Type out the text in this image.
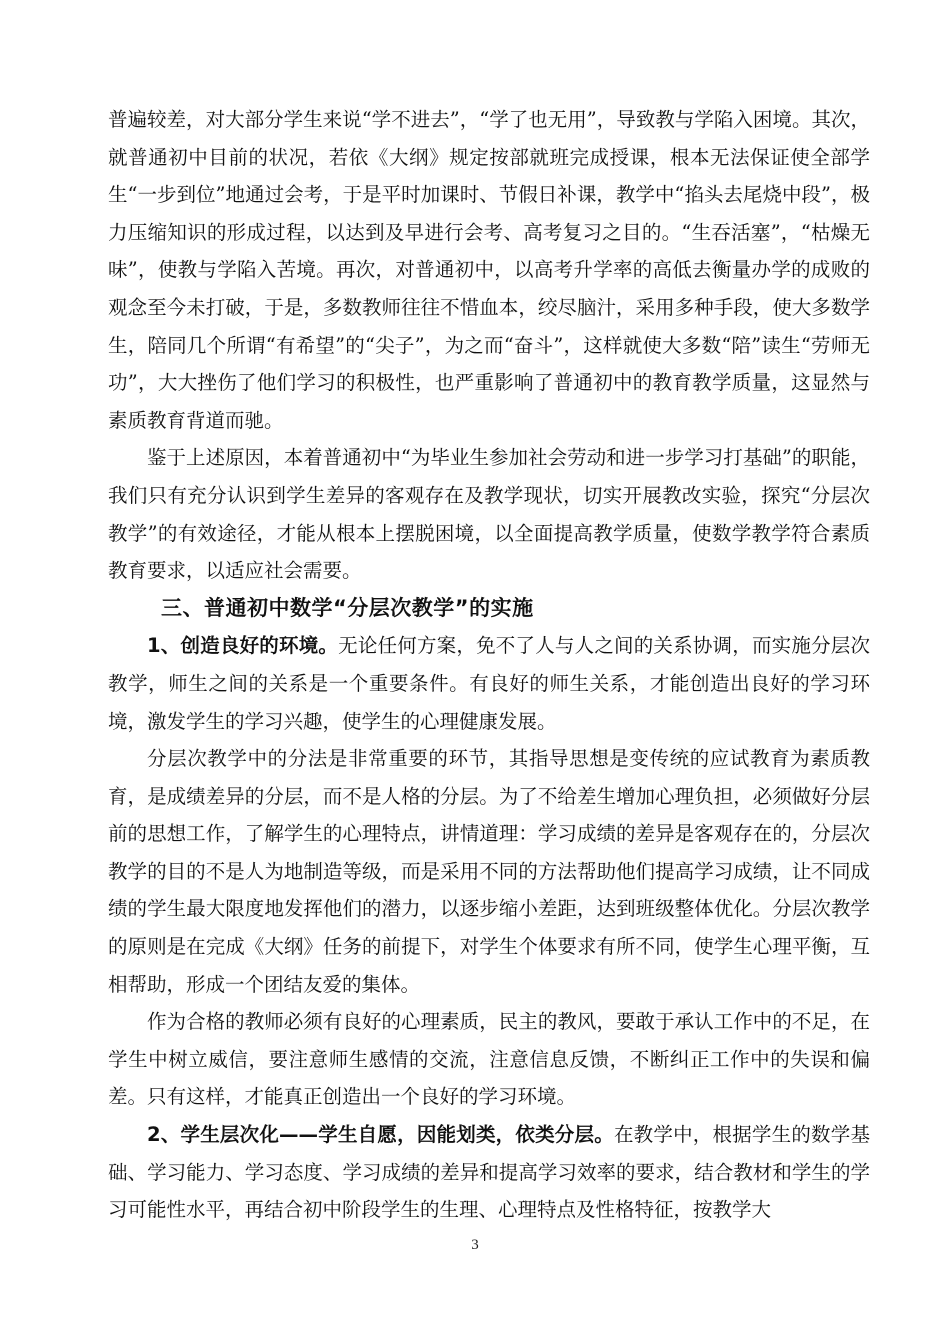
普遍较差，对大部分学生来说“学不进去”，“学了也无用”，导致教与学陷入困境。其次，就普通初中目前的状况，若依《大纲》规定按部就班完成授课，根本无法保证使全部学生“一步到位”地通过会考，于是平时加课时、节假日补课，教学中“掐头去尾烧中段”，极力压缩知识的形成过程，以达到及早进行会考、高考复习之目的。“生吞活塞”，“枯燥无味”，使教与学陷入苦境。再次，对普通初中，以高考升学率的高低去衡量办学的成败的观念至今未打破，于是，多数教师往往不惜血本，绞尽脑汁，采用多种手段，使大多数学生，陪同几个所谓“有希望”的“尖子”，为之而“奋斗”，这样就使大多数“陪”读生“劳师无功”，大大挫伤了他们学习的积极性，也严重影响了普通初中的教育教学质量，这显然与素质教育背道而驰。

鉴于上述原因，本着普通初中“为毕业生参加社会劳动和进一步学习打基础”的职能，我们只有充分认识到学生差异的客观存在及教学现状，切实开展教改实验，探究“分层次教学”的有效途径，才能从根本上摆脱困境，以全面提高教学质量，使数学教学符合素质教育要求，以适应社会需要。

三、普通初中数学“分层次教学”的实施

1、创造良好的环境。无论任何方案，免不了人与人之间的关系协调，而实施分层次教学，师生之间的关系是一个重要条件。有良好的师生关系，才能创造出良好的学习环境，激发学生的学习兴趣，使学生的心理健康发展。

分层次教学中的分法是非常重要的环节，其指导思想是变传统的应试教育为素质教育，是成绩差异的分层，而不是人格的分层。为了不给差生增加心理负担，必须做好分层前的思想工作，了解学生的心理特点，讲情道理：学习成绩的差异是客观存在的，分层次教学的目的不是人为地制造等级，而是采用不同的方法帮助他们提高学习成绩，让不同成绩的学生最大限度地发挥他们的潜力，以逐步缩小差距，达到班级整体优化。分层次教学的原则是在完成《大纲》任务的前提下，对学生个体要求有所不同，使学生心理平衡，互相帮助，形成一个团结友爱的集体。

作为合格的教师必须有良好的心理素质，民主的教风，要敢于承认工作中的不足，在学生中树立威信，要注意师生感情的交流，注意信息反馈，不断纠正工作中的失误和偏差。只有这样，才能真正创造出一个良好的学习环境。

2、学生层次化——学生自愿，因能划类，依类分层。在教学中，根据学生的数学基础、学习能力、学习态度、学习成绩的差异和提高学习效率的要求，结合教材和学生的学习可能性水平，再结合初中阶段学生的生理、心理特点及性格特征，按教学大

3
